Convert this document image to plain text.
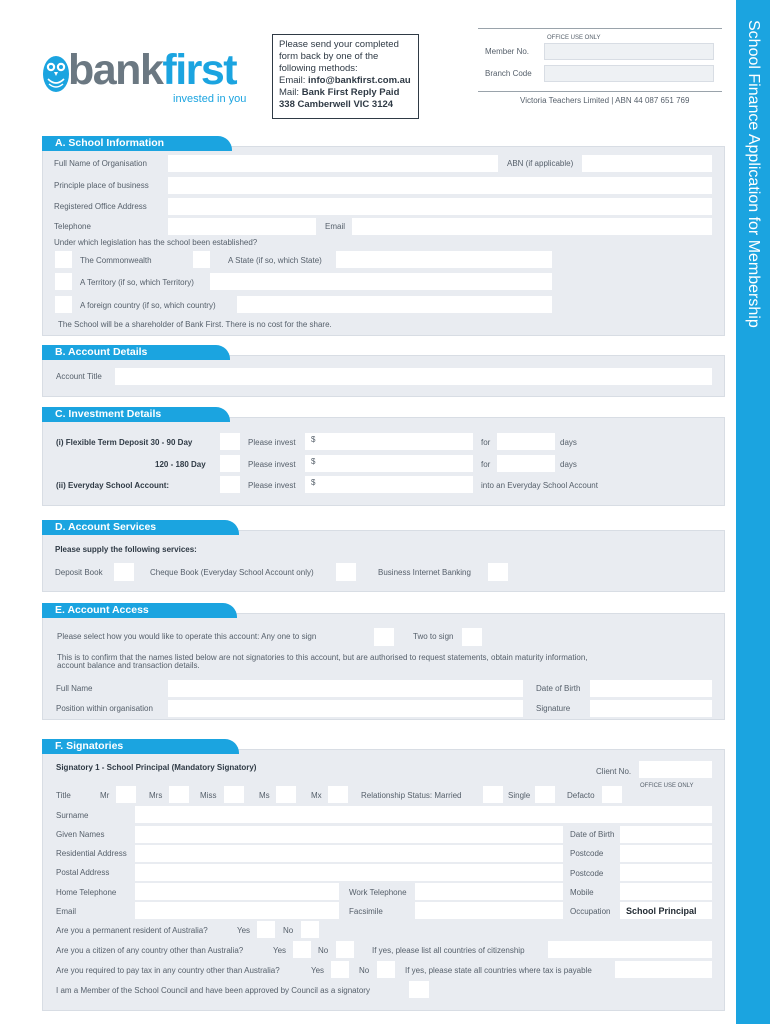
School Finance Application for Membership
bankfirst
invested in you
Please send your completed
form back by one of the
following methods:
Email: info@bankfirst.com.au
Mail: Bank First Reply Paid
338 Camberwell VIC 3124
OFFICE USE ONLY
Member No.
Branch Code
Victoria Teachers Limited | ABN 44 087 651 769
A. School Information
Full Name of Organisation	ABN (if applicable)
Principle place of business
Registered Office Address
Telephone	Email
Under which legislation has the school been established?
The Commonwealth	A State (if so, which State)
A Territory (if so, which Territory)
A foreign country (if so, which country)
The School will be a shareholder of Bank First. There is no cost for the share.
B. Account Details
Account Title
C. Investment Details
(i) Flexible Term Deposit 30 - 90 Day	Please invest $	for	days
120 - 180 Day	Please invest $	for	days
(ii) Everyday School Account:	Please invest $	into an Everyday School Account
D. Account Services
Please supply the following services:
Deposit Book	Cheque Book (Everyday School Account only)	Business Internet Banking
E. Account Access
Please select how you would like to operate this account: Any one to sign	Two to sign
This is to confirm that the names listed below are not signatories to this account, but are authorised to request statements, obtain maturity information,
account balance and transaction details.
Full Name	Date of Birth
Position within organisation	Signature
F. Signatories
Signatory 1 - School Principal (Mandatory Signatory)	Client No.
OFFICE USE ONLY
Title	Mr	Mrs	Miss	Ms	Mx	Relationship Status: Married	Single	Defacto
Surname
Given Names	Date of Birth
Residential Address	Postcode
Postal Address	Postcode
Home Telephone	Work Telephone	Mobile
Email	Facsimile	Occupation School Principal
Are you a permanent resident of Australia?	Yes	No
Are you a citizen of any country other than Australia?	Yes	No	If yes, please list all countries of citizenship
Are you required to pay tax in any country other than Australia?	Yes	No	If yes, please state all countries where tax is payable
I am a Member of the School Council and have been approved by Council as a signatory
